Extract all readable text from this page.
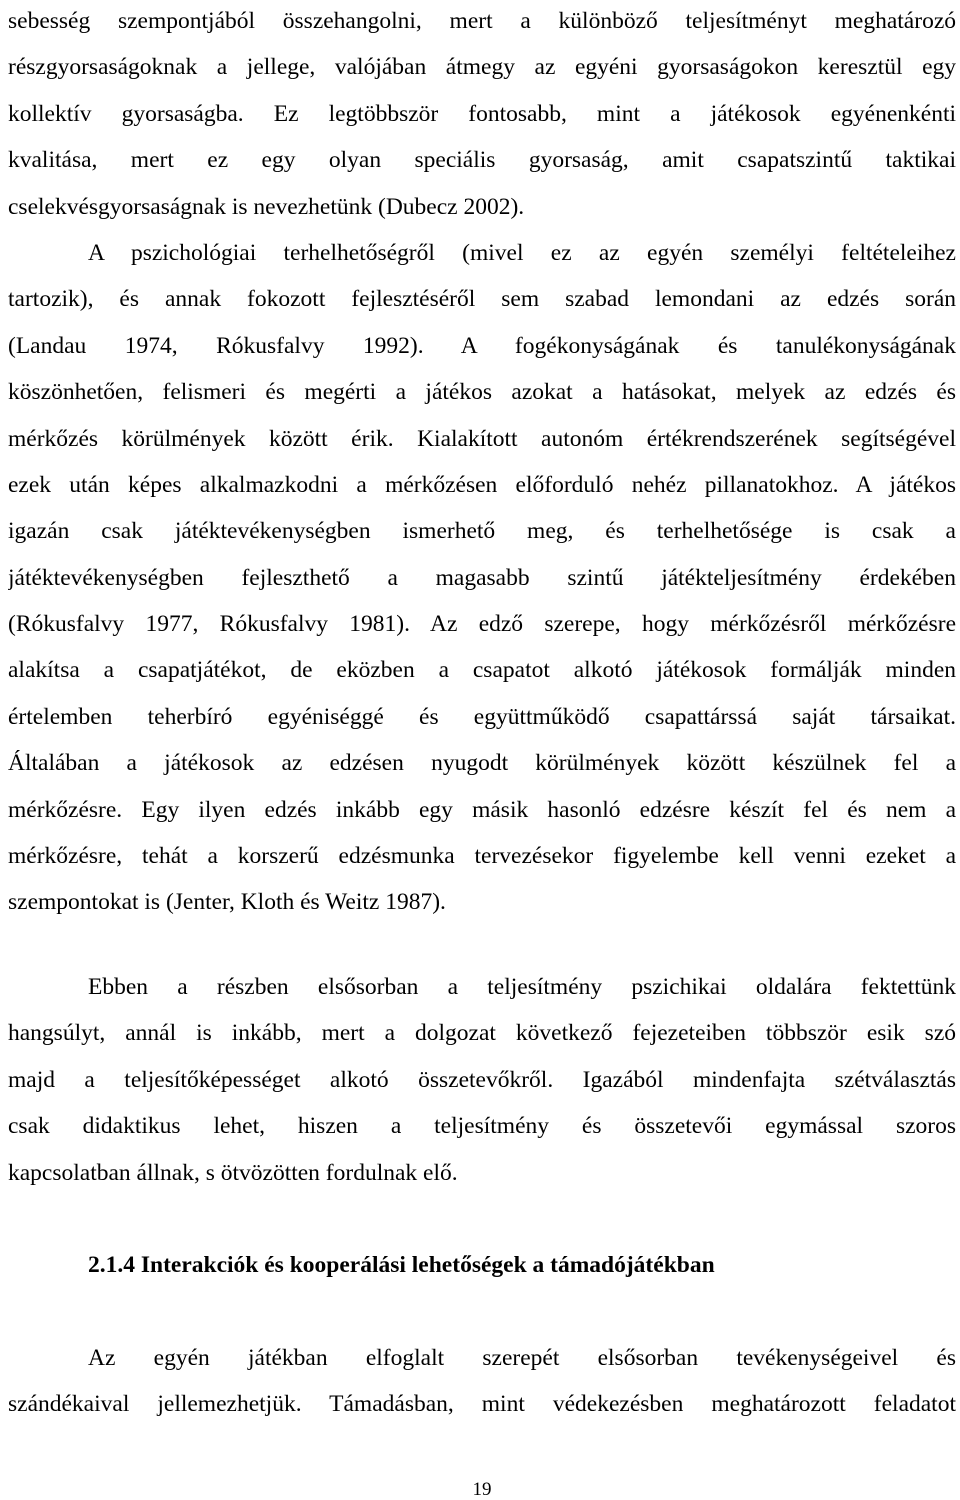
sebesség szempontjából összehangolni, mert a különböző teljesítményt meghatározó
részgyorsaságoknak a jellege, valójában átmegy az egyéni gyorsaságokon keresztül egy
kollektív gyorsaságba. Ez legtöbbször fontosabb, mint a játékosok egyénenkénti
kvalitása, mert ez egy olyan speciális gyorsaság, amit csapatszintű taktikai
cselekvésgyorsaságnak is nevezhetünk (Dubecz 2002).
A pszichológiai terhelhetőségről (mivel ez az egyén személyi feltételeihez
tartozik), és annak fokozott fejlesztéséről sem szabad lemondani az edzés során
(Landau 1974, Rókusfalvy 1992). A fogékonyságának és tanulékonyságának
köszönhetően, felismeri és megérti a játékos azokat a hatásokat, melyek az edzés és
mérkőzés körülmények között érik. Kialakított autonóm értékrendszerének segítségével
ezek után képes alkalmazkodni a mérkőzésen előforduló nehéz pillanatokhoz. A játékos
igazán csak játéktevékenységben ismerhető meg, és terhelhetősége is csak a
játéktevékenységben fejleszthető a magasabb szintű játékteljesítmény érdekében
(Rókusfalvy 1977, Rókusfalvy 1981). Az edző szerepe, hogy mérkőzésről mérkőzésre
alakítsa a csapatjátékot, de eközben a csapatot alkotó játékosok formálják minden
értelemben teherbíró egyéniséggé és együttműködő csapattárssá saját társaikat.
Általában a játékosok az edzésen nyugodt körülmények között készülnek fel a
mérkőzésre. Egy ilyen edzés inkább egy másik hasonló edzésre készít fel és nem a
mérkőzésre, tehát a korszerű edzésmunka tervezésekor figyelembe kell venni ezeket a
szempontokat is (Jenter, Kloth és Weitz 1987).
Ebben a részben elsősorban a teljesítmény pszichikai oldalára fektettünk
hangsúlyt, annál is inkább, mert a dolgozat következő fejezeteiben többször esik szó
majd a teljesítőképességet alkotó összetevőkről. Igazából mindenfajta szétválasztás
csak didaktikus lehet, hiszen a teljesítmény és összetevői egymással szoros
kapcsolatban állnak, s ötvözötten fordulnak elő.
2.1.4 Interakciók és kooperálási lehetőségek a támadójátékban
Az egyén játékban elfoglalt szerepét elsősorban tevékenységeivel és
szándékaival jellemezhetjük. Támadásban, mint védekezésben meghatározott feladatot
19
